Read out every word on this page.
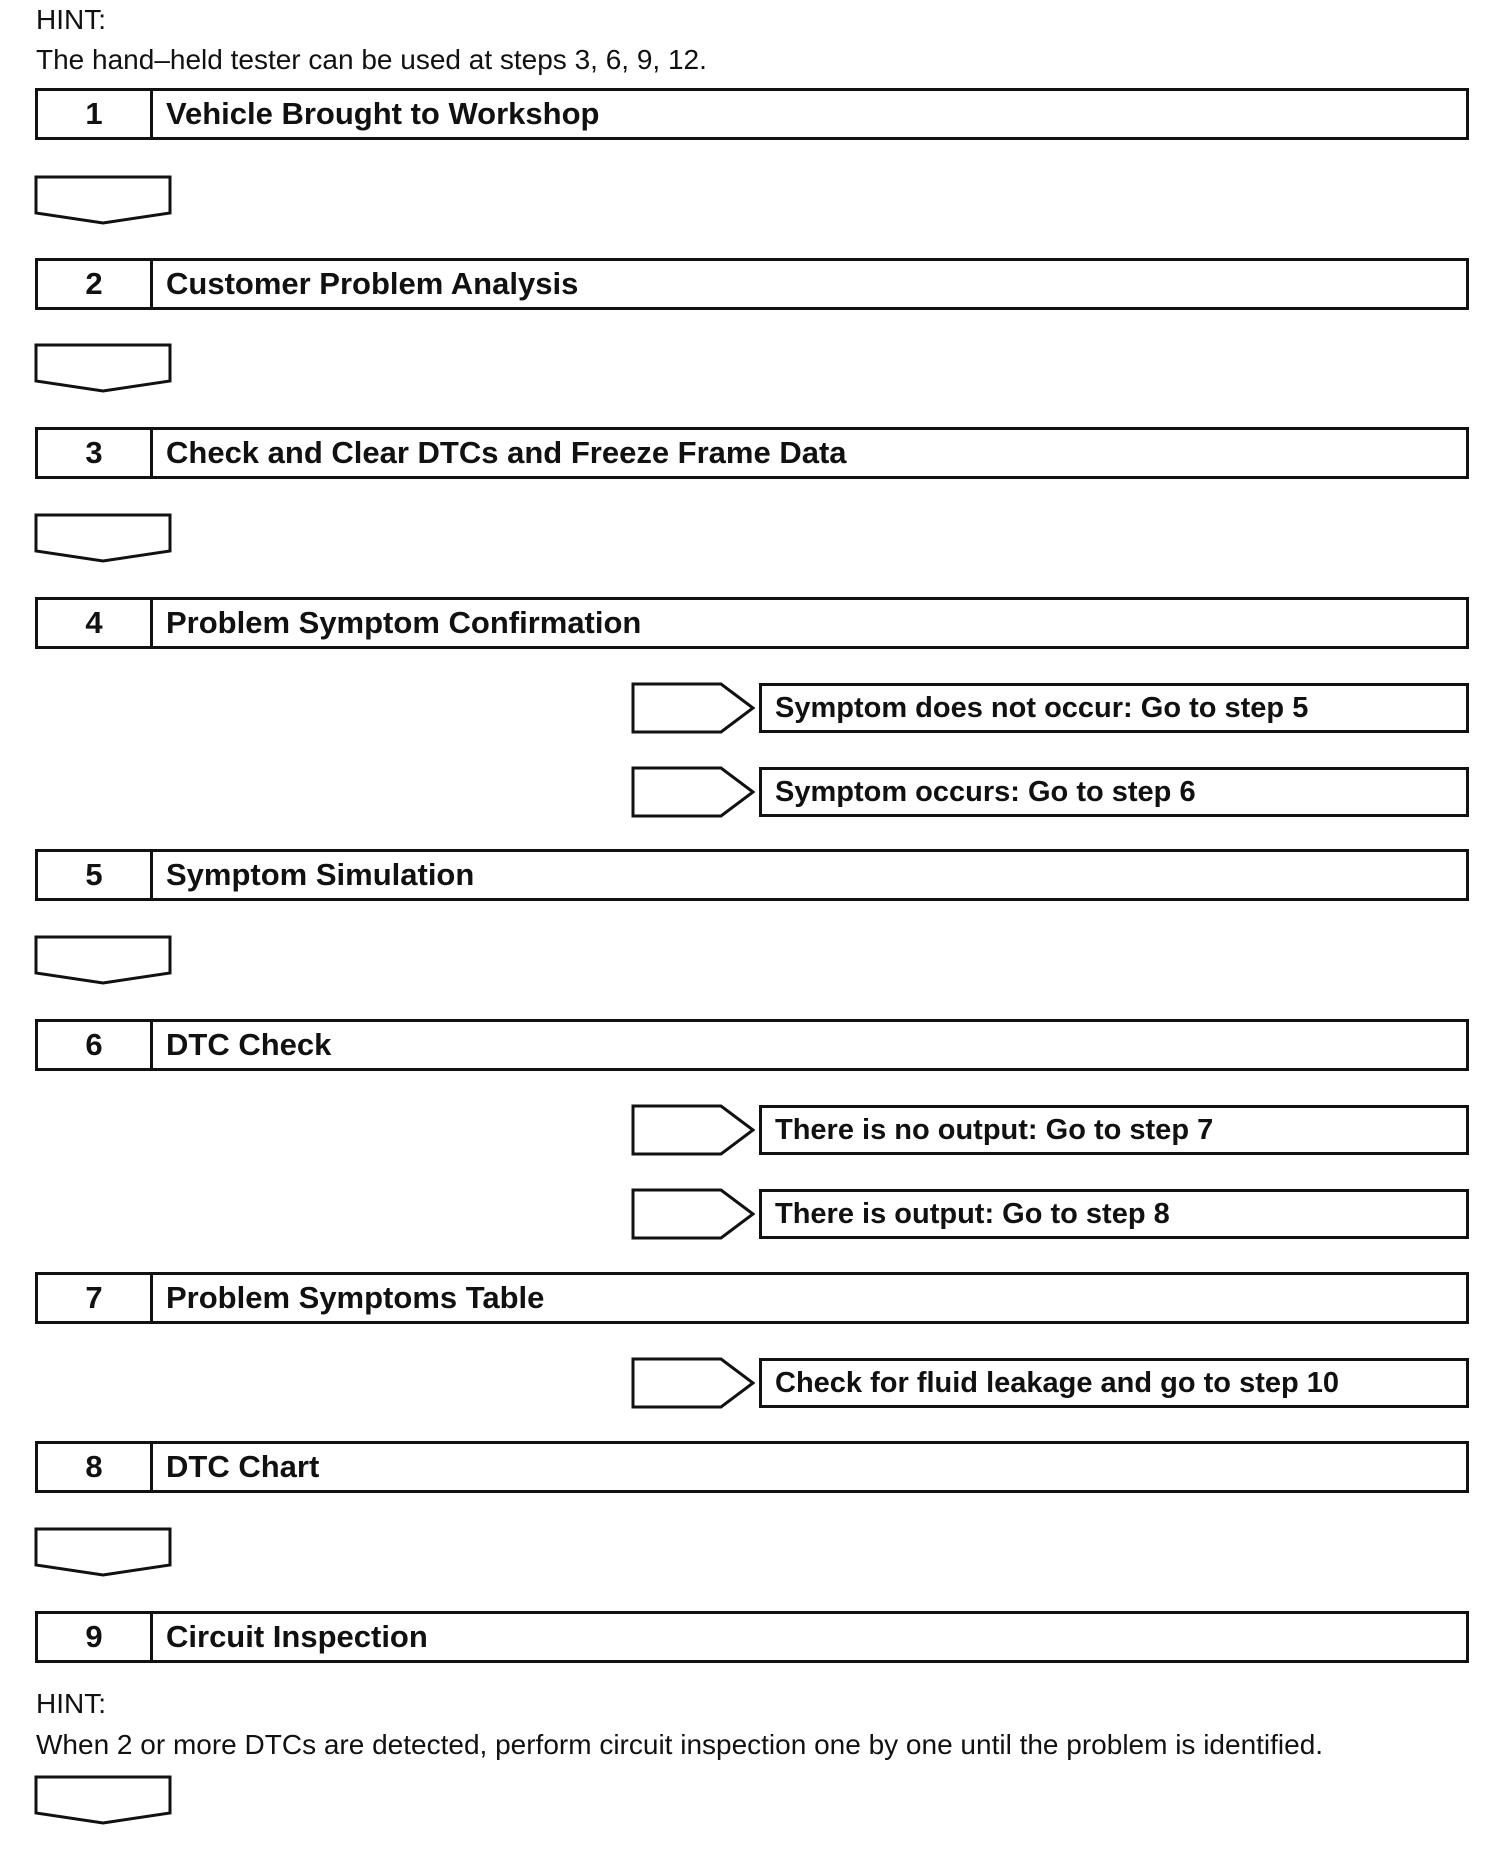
HINT:
The hand–held tester can be used at steps 3, 6, 9, 12.
1	Vehicle Brought to Workshop
2	Customer Problem Analysis
3	Check and Clear DTCs and Freeze Frame Data
4	Problem Symptom Confirmation
Symptom does not occur: Go to step 5
Symptom occurs: Go to step 6
5	Symptom Simulation
6	DTC Check
There is no output: Go to step 7
There is output: Go to step 8
7	Problem Symptoms Table
Check for fluid leakage and go to step 10
8	DTC Chart
9	Circuit Inspection
HINT:
When 2 or more DTCs are detected, perform circuit inspection one by one until the problem is identified.
